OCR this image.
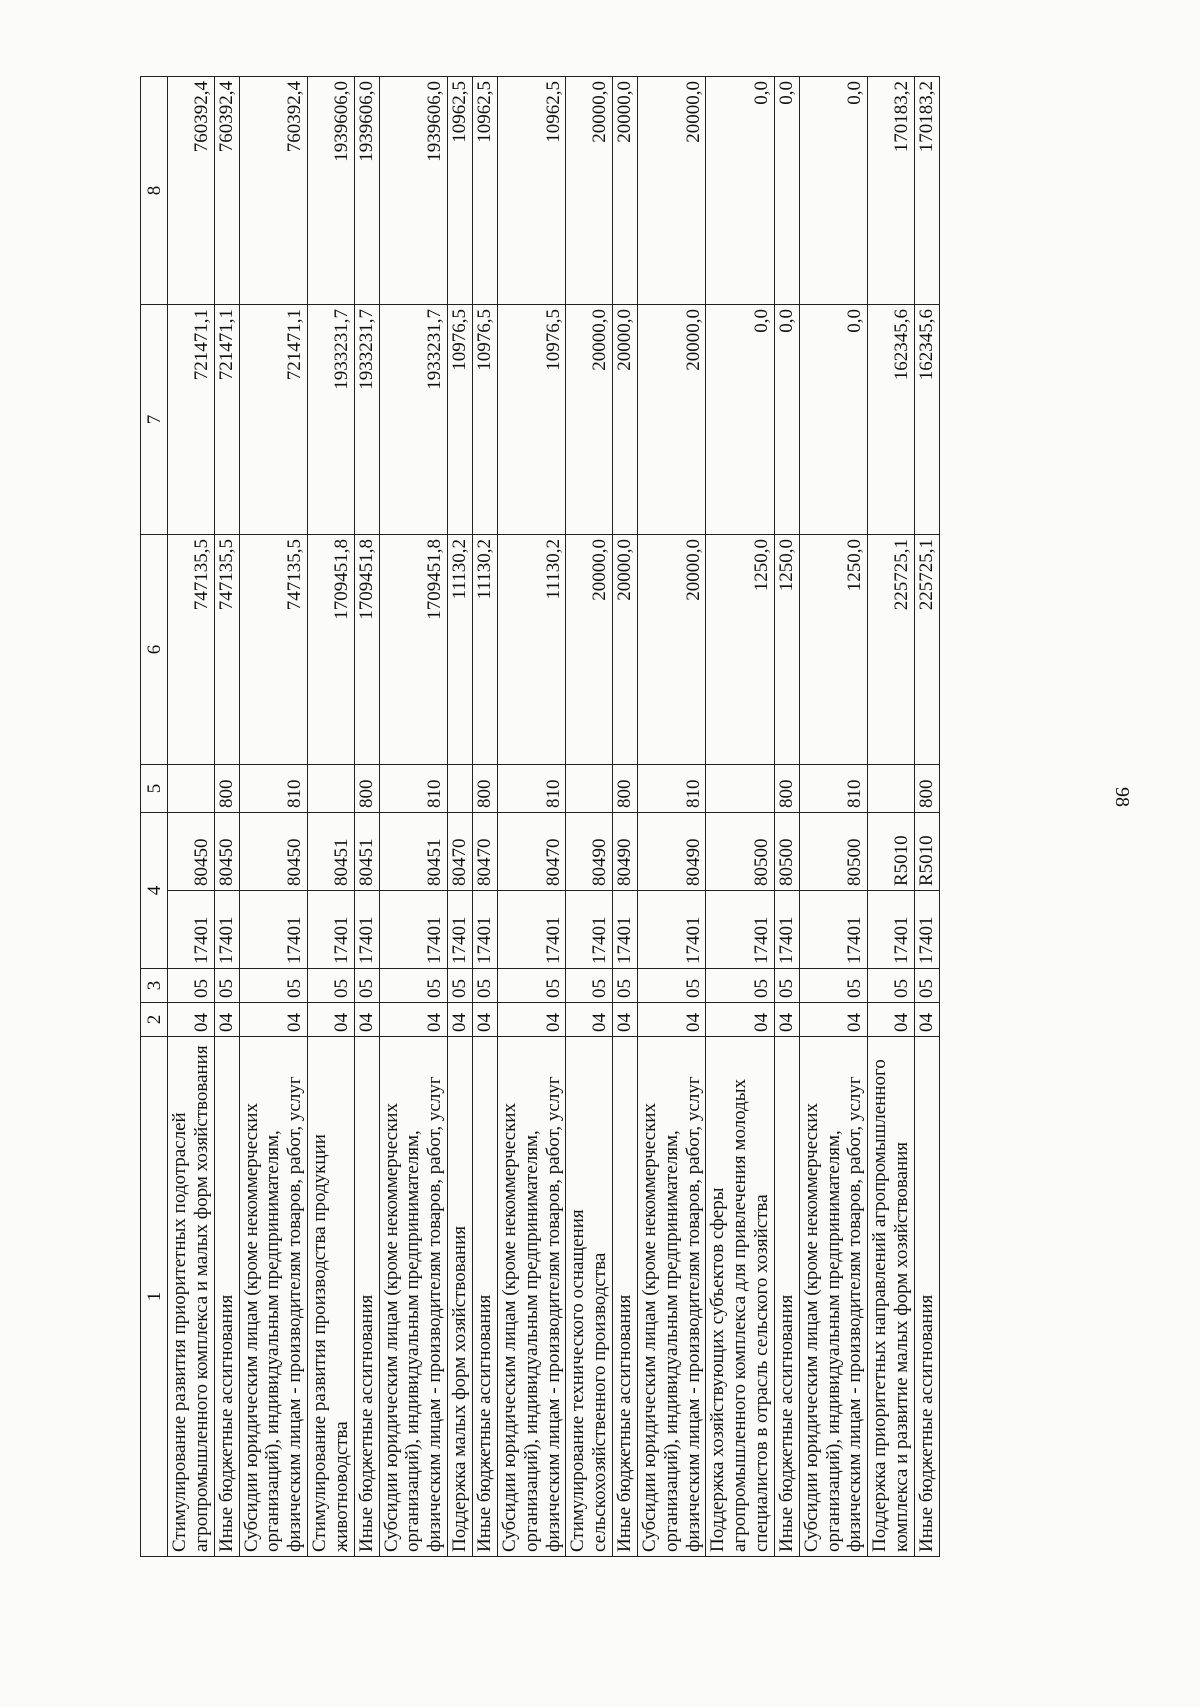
98
1	2	3	4		5	6	7	8

Стимулирование развития приоритетных подотраслей агропромышленного комплекса и малых форм хозяйствования	04	05	17401	80450		747135,5	721471,1	760392,4

Иные бюджетные ассигнования	04	05	17401	80450	800	747135,5	721471,1	760392,4

Субсидии юридическим лицам (кроме некоммерческих организаций), индивидуальным предпринимателям, физическим лицам - производителям товаров, работ, услуг	04	05	17401	80450	810	747135,5	721471,1	760392,4

Стимулирование развития производства продукции животноводства	04	05	17401	80451		1709451,8	1933231,7	1939606,0

Иные бюджетные ассигнования	04	05	17401	80451	800	1709451,8	1933231,7	1939606,0

Субсидии юридическим лицам (кроме некоммерческих организаций), индивидуальным предпринимателям, физическим лицам - производителям товаров, работ, услуг	04	05	17401	80451	810	1709451,8	1933231,7	1939606,0

Поддержка малых форм хозяйствования	04	05	17401	80470		11130,2	10976,5	10962,5

Иные бюджетные ассигнования	04	05	17401	80470	800	11130,2	10976,5	10962,5

Субсидии юридическим лицам (кроме некоммерческих организаций), индивидуальным предпринимателям, физическим лицам - производителям товаров, работ, услуг	04	05	17401	80470	810	11130,2	10976,5	10962,5

Стимулирование технического оснащения сельскохозяйственного производства	04	05	17401	80490		20000,0	20000,0	20000,0

Иные бюджетные ассигнования	04	05	17401	80490	800	20000,0	20000,0	20000,0

Субсидии юридическим лицам (кроме некоммерческих организаций), индивидуальным предпринимателям, физическим лицам - производителям товаров, работ, услуг	04	05	17401	80490	810	20000,0	20000,0	20000,0

Поддержка хозяйствующих субъектов сферы агропромышленного комплекса для привлечения молодых специалистов в отрасль сельского хозяйства	04	05	17401	80500		1250,0	0,0	0,0

Иные бюджетные ассигнования	04	05	17401	80500	800	1250,0	0,0	0,0

Субсидии юридическим лицам (кроме некоммерческих организаций), индивидуальным предпринимателям, физическим лицам - производителям товаров, работ, услуг	04	05	17401	80500	810	1250,0	0,0	0,0

Поддержка приоритетных направлений агропромышленного комплекса и развитие малых форм хозяйствования	04	05	17401	R5010		225725,1	162345,6	170183,2

Иные бюджетные ассигнования	04	05	17401	R5010	800	225725,1	162345,6	170183,2
